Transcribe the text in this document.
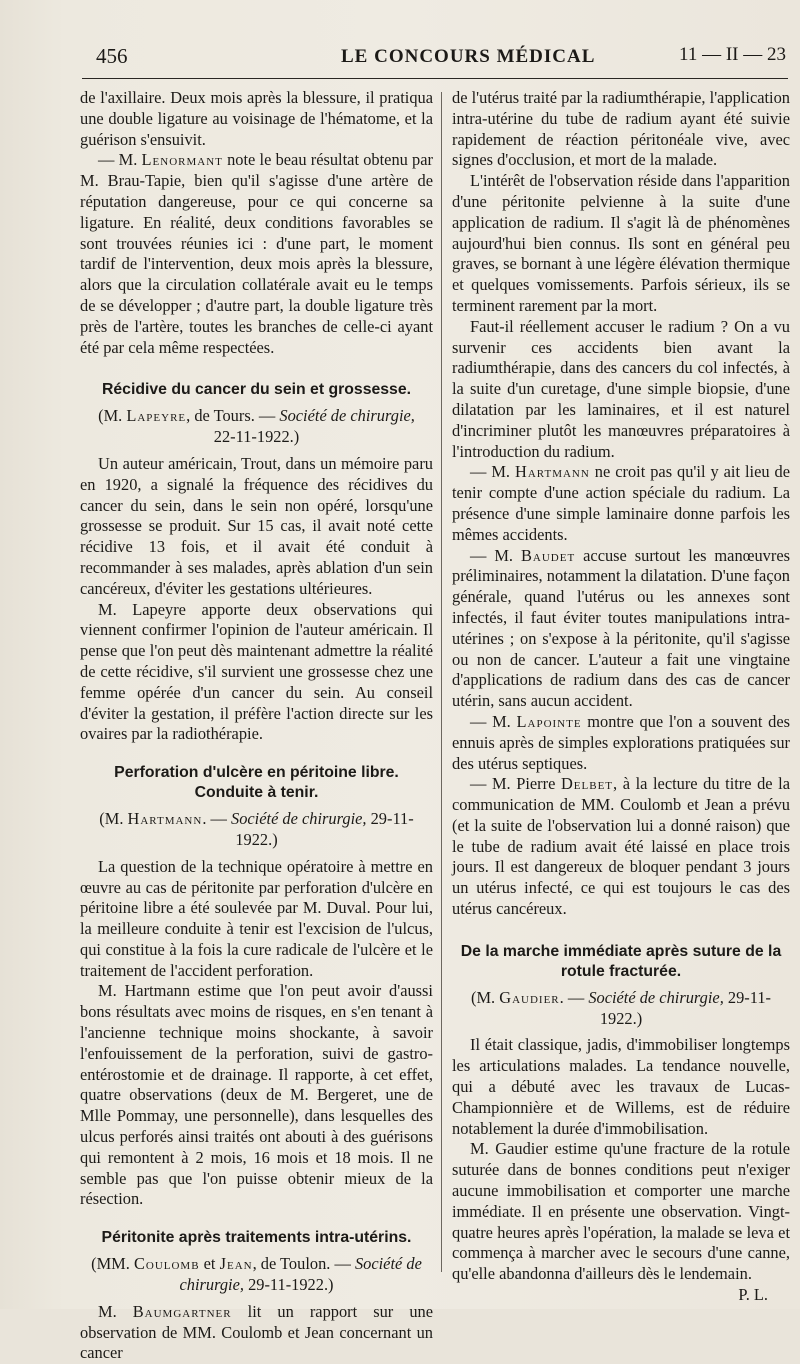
456	LE CONCOURS MÉDICAL	11 — II — 23

de l'axillaire. Deux mois après la blessure, il pratiqua une double ligature au voisinage de l'hématome, et la guérison s'ensuivit.

— M. Lenormant note le beau résultat obtenu par M. Brau-Tapie, bien qu'il s'agisse d'une artère de réputation dangereuse, pour ce qui concerne sa ligature. En réalité, deux conditions favorables se sont trouvées réunies ici : d'une part, le moment tardif de l'intervention, deux mois après la blessure, alors que la circulation collatérale avait eu le temps de se développer ; d'autre part, la double ligature très près de l'artère, toutes les branches de celle-ci ayant été par cela même respectées.

Récidive du cancer du sein et grossesse.
(M. Lapeyre, de Tours. — Société de chirurgie,
22-11-1922.)

Un auteur américain, Trout, dans un mémoire paru en 1920, a signalé la fréquence des récidives du cancer du sein, dans le sein non opéré, lorsqu'une grossesse se produit. Sur 15 cas, il avait noté cette récidive 13 fois, et il avait été conduit à recommander à ses malades, après ablation d'un sein cancéreux, d'éviter les gestations ultérieures.

M. Lapeyre apporte deux observations qui viennent confirmer l'opinion de l'auteur américain. Il pense que l'on peut dès maintenant admettre la réalité de cette récidive, s'il survient une grossesse chez une femme opérée d'un cancer du sein. Au conseil d'éviter la gestation, il préfère l'action directe sur les ovaires par la radiothérapie.

Perforation d'ulcère en péritoine libre. Conduite à tenir.
(M. Hartmann. — Société de chirurgie, 29-11-1922.)

La question de la technique opératoire à mettre en œuvre au cas de péritonite par perforation d'ulcère en péritoine libre a été soulevée par M. Duval. Pour lui, la meilleure conduite à tenir est l'excision de l'ulcus, qui constitue à la fois la cure radicale de l'ulcère et le traitement de l'accident perforation.

M. Hartmann estime que l'on peut avoir d'aussi bons résultats avec moins de risques, en s'en tenant à l'ancienne technique moins shockante, à savoir l'enfouissement de la perforation, suivi de gastro-entérostomie et de drainage. Il rapporte, à cet effet, quatre observations (deux de M. Bergeret, une de Mlle Pommay, une personnelle), dans lesquelles des ulcus perforés ainsi traités ont abouti à des guérisons qui remontent à 2 mois, 16 mois et 18 mois. Il ne semble pas que l'on puisse obtenir mieux de la résection.

Péritonite après traitements intra-utérins.
(MM. Coulomb et Jean, de Toulon. — Société de chirurgie, 29-11-1922.)

M. Baumgartner lit un rapport sur une observation de MM. Coulomb et Jean concernant un cancer

de l'utérus traité par la radiumthérapie, l'application intra-utérine du tube de radium ayant été suivie rapidement de réaction péritonéale vive, avec signes d'occlusion, et mort de la malade.

L'intérêt de l'observation réside dans l'apparition d'une péritonite pelvienne à la suite d'une application de radium. Il s'agit là de phénomènes aujourd'hui bien connus. Ils sont en général peu graves, se bornant à une légère élévation thermique et quelques vomissements. Parfois sérieux, ils se terminent rarement par la mort.

Faut-il réellement accuser le radium ? On a vu survenir ces accidents bien avant la radiumthérapie, dans des cancers du col infectés, à la suite d'un curetage, d'une simple biopsie, d'une dilatation par les laminaires, et il est naturel d'incriminer plutôt les manœuvres préparatoires à l'introduction du radium.

— M. Hartmann ne croit pas qu'il y ait lieu de tenir compte d'une action spéciale du radium. La présence d'une simple laminaire donne parfois les mêmes accidents.

— M. Baudet accuse surtout les manœuvres préliminaires, notamment la dilatation. D'une façon générale, quand l'utérus ou les annexes sont infectés, il faut éviter toutes manipulations intra-utérines ; on s'expose à la péritonite, qu'il s'agisse ou non de cancer. L'auteur a fait une vingtaine d'applications de radium dans des cas de cancer utérin, sans aucun accident.

— M. Lapointe montre que l'on a souvent des ennuis après de simples explorations pratiquées sur des utérus septiques.

— M. Pierre Delbet, à la lecture du titre de la communication de MM. Coulomb et Jean a prévu (et la suite de l'observation lui a donné raison) que le tube de radium avait été laissé en place trois jours. Il est dangereux de bloquer pendant 3 jours un utérus infecté, ce qui est toujours le cas des utérus cancéreux.

De la marche immédiate après suture de la rotule fracturée.
(M. Gaudier. — Société de chirurgie, 29-11-1922.)

Il était classique, jadis, d'immobiliser longtemps les articulations malades. La tendance nouvelle, qui a débuté avec les travaux de Lucas-Championnière et de Willems, est de réduire notablement la durée d'immobilisation.

M. Gaudier estime qu'une fracture de la rotule suturée dans de bonnes conditions peut n'exiger aucune immobilisation et comporter une marche immédiate. Il en présente une observation. Vingt-quatre heures après l'opération, la malade se leva et commença à marcher avec le secours d'une canne, qu'elle abandonna d'ailleurs dès le lendemain.

P. L.
